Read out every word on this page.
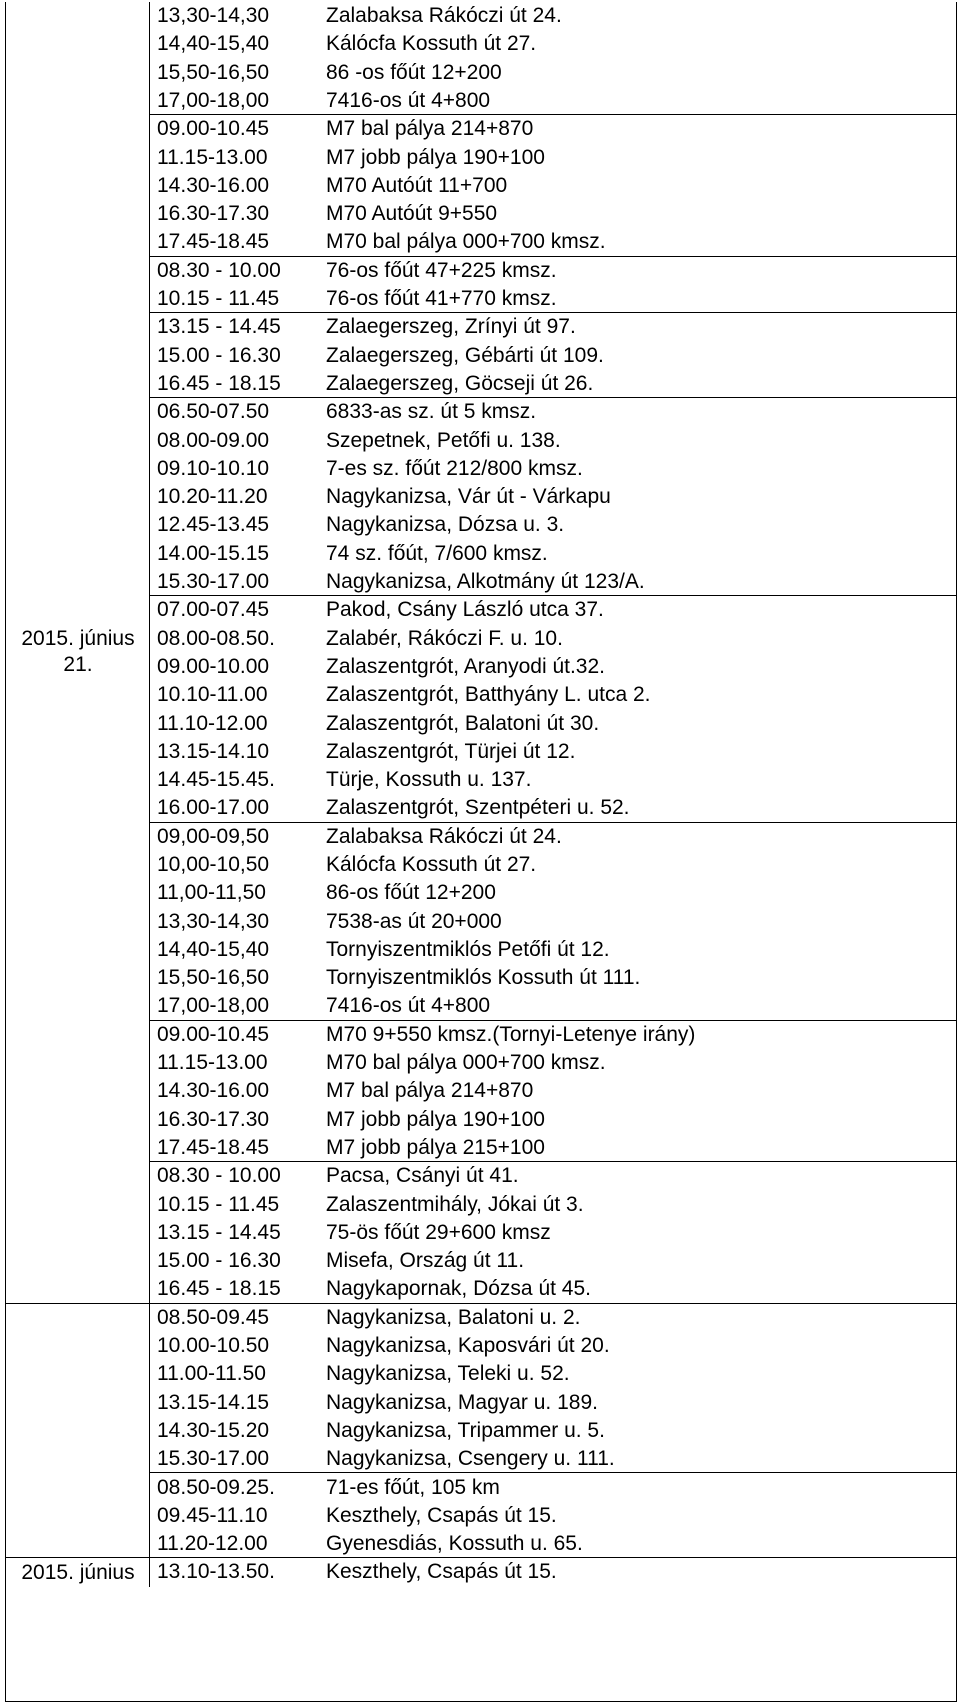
2015. június
21.
2015. június
13,30-14,30	Zalabaksa Rákóczi út 24.
14,40-15,40	Kálócfa Kossuth út 27.
15,50-16,50	86 -os főút 12+200
17,00-18,00	7416-os út 4+800
09.00-10.45	M7 bal pálya 214+870
11.15-13.00	M7 jobb pálya 190+100
14.30-16.00	M70 Autóút 11+700
16.30-17.30	M70 Autóút 9+550
17.45-18.45	M70 bal pálya 000+700 kmsz.
08.30 - 10.00	76-os főút 47+225 kmsz.
10.15 - 11.45	76-os főút 41+770 kmsz.
13.15 - 14.45	Zalaegerszeg, Zrínyi út 97.
15.00 - 16.30	Zalaegerszeg, Gébárti út 109.
16.45 - 18.15	Zalaegerszeg, Göcseji út 26.
06.50-07.50	6833-as sz. út 5 kmsz.
08.00-09.00	Szepetnek, Petőfi u. 138.
09.10-10.10	7-es sz. főút 212/800 kmsz.
10.20-11.20	Nagykanizsa, Vár út - Várkapu
12.45-13.45	Nagykanizsa, Dózsa u. 3.
14.00-15.15	74 sz. főút, 7/600 kmsz.
15.30-17.00	Nagykanizsa, Alkotmány út 123/A.
07.00-07.45	Pakod, Csány László utca 37.
08.00-08.50.	Zalabér, Rákóczi F. u. 10.
09.00-10.00	Zalaszentgrót, Aranyodi út.32.
10.10-11.00	Zalaszentgrót, Batthyány L. utca 2.
11.10-12.00	Zalaszentgrót, Balatoni út 30.
13.15-14.10	Zalaszentgrót, Türjei út 12.
14.45-15.45.	Türje, Kossuth u. 137.
16.00-17.00	Zalaszentgrót, Szentpéteri u. 52.
09,00-09,50	Zalabaksa Rákóczi út 24.
10,00-10,50	Kálócfa Kossuth út 27.
11,00-11,50	86-os főút 12+200
13,30-14,30	7538-as út 20+000
14,40-15,40	Tornyiszentmiklós Petőfi út 12.
15,50-16,50	Tornyiszentmiklós Kossuth út 111.
17,00-18,00	7416-os út 4+800
09.00-10.45	M70 9+550 kmsz.(Tornyi-Letenye irány)
11.15-13.00	M70 bal pálya 000+700 kmsz.
14.30-16.00	M7 bal pálya 214+870
16.30-17.30	M7 jobb pálya 190+100
17.45-18.45	M7 jobb pálya 215+100
08.30 - 10.00	Pacsa, Csányi út 41.
10.15 - 11.45	Zalaszentmihály, Jókai út 3.
13.15 - 14.45	75-ös főút 29+600 kmsz
15.00 - 16.30	Misefa, Ország út 11.
16.45 - 18.15	Nagykapornak, Dózsa út 45.
08.50-09.45	Nagykanizsa, Balatoni u. 2.
10.00-10.50	Nagykanizsa, Kaposvári út 20.
11.00-11.50	Nagykanizsa, Teleki u. 52.
13.15-14.15	Nagykanizsa, Magyar u. 189.
14.30-15.20	Nagykanizsa, Tripammer u. 5.
15.30-17.00	Nagykanizsa, Csengery u. 111.
08.50-09.25.	71-es főút, 105 km
09.45-11.10	Keszthely, Csapás út 15.
11.20-12.00	Gyenesdiás, Kossuth u. 65.
13.10-13.50.	Keszthely, Csapás út 15.
